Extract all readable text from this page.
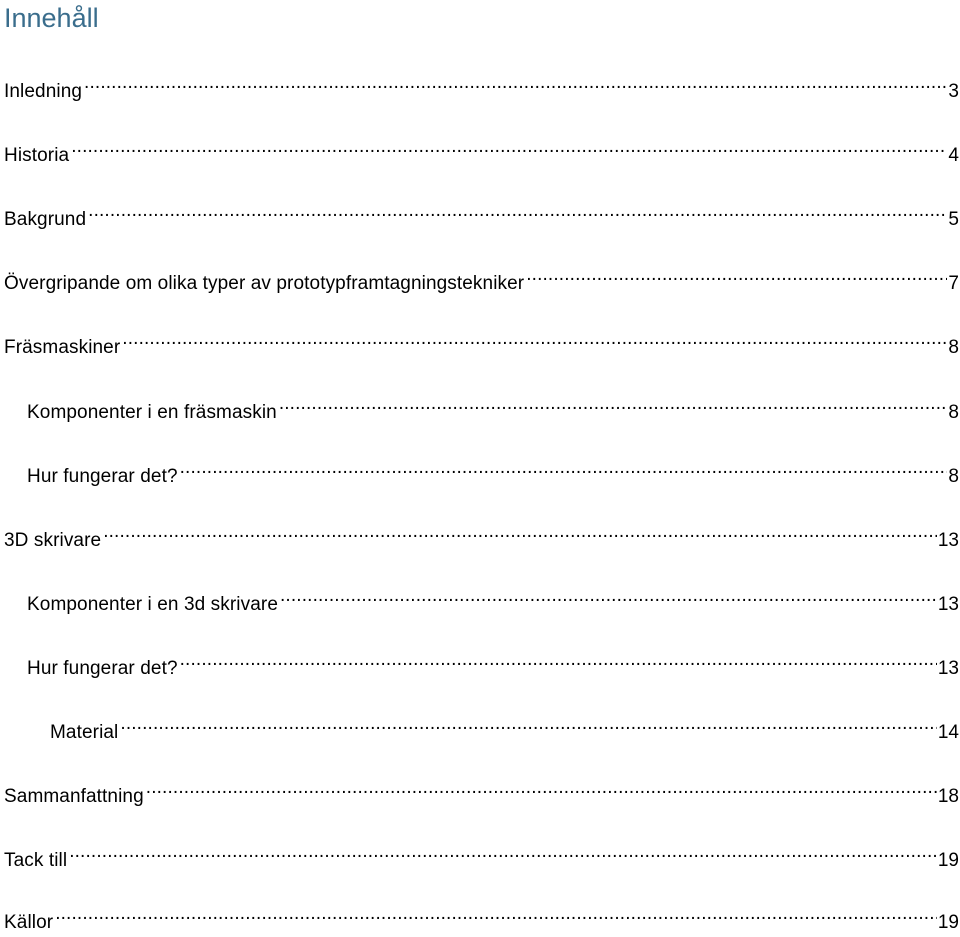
Innehåll
Inledning .....	3
Historia .....	4
Bakgrund .....	5
Övergripande om olika typer av prototypframtagningstekniker .....	7
Fräsmaskiner .....	8
Komponenter i en fräsmaskin .....	8
Hur fungerar det? .....	8
3D skrivare .....	13
Komponenter i en 3d skrivare .....	13
Hur fungerar det? .....	13
Material .....	14
Sammanfattning .....	18
Tack till .....	19
Källor .....	19
